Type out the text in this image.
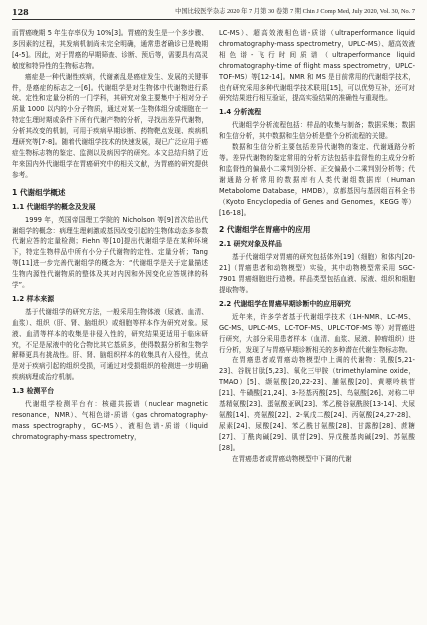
128	中国比较医学杂志 2020 年 7 月第 30 卷第 7 期 Chin J Comp Med, July 2020, Vol. 30, No. 7

而胃癌晚期 5 年生存率仅为 10%[3]。胃癌的发生是一个多步骤、多因素的过程，其发病机制尚未完全明确，通常患者确诊已是晚期[4-5]。因此，对于胃癌的早期筛查、诊断、预后等，需要具有高灵敏度和特异性的生物标志物。

癌症是一种代谢性疾病，代谢紊乱是癌症发生、发展的关键事件，是癌症的标志之一[6]。代谢组学是对生物体中代谢物进行系统、定性和定量分析的一门学科，其研究对象主要集中于相对分子质量 1000 以内的小分子物质，通过对某一生物体组分或细胞在一特定生理时期或条件下所有代谢产物的分析，寻找出差异代谢物，分析其改变的机制，可用于疾病早期诊断、药物靶点发现、疾病机理研究等[7-8]。随着代谢组学技术的快速发展，现已广泛应用于癌症生物标志物的鉴定、监测以及病因学的研究。本文总结归纳了近年来国内外代谢组学在胃癌研究中的相关文献，为胃癌的研究提供参考。

1 代谢组学概述
1.1 代谢组学的概念及发展

1999 年，英国帝国理工学院的 Nicholson 等[9]首次给出代谢组学的概念：病理生理刺激或基因改变引起的生物体动态多参数代谢应答的定量检测；Fiehn 等[10]提出代谢组学是在某种环境下，特定生物样品中所有小分子代谢物的定性、定量分析；Tang 等[11]进一步完善代谢组学的概念为：“代谢组学是关于定量描述生物内源性代谢物质的整体及其对内因和外因变化应答规律的科学”。

1.2 样本来源

基于代谢组学的研究方法，一般采用生物体液（尿液、血清、血浆）、组织（肝、肾、脑组织）或细胞等样本作为研究对象。尿液、血清等样本的收集是非侵入性的，研究结果更适用于临床研究，不足是尿液中的化合物比其它基质多，使得数据分析和生物学解释更具有挑战性。肝、肾、脑组织样本的收集具有入侵性，优点是对于疾病引起的组织受损，可通过对受损组织的检测进一步明确疾病病理或治疗机制。

1.3 检测平台

代谢组学检测平台有：核磁共振谱（nuclear magnetic resonance，NMR）、气相色谱-质谱（gas chromatography-mass spectrography，GC-MS）、液相色谱-质谱（liquid chromatography-mass spectrometry，

LC-MS）、超高效液相色谱-质谱（ultraperformance liquid chromatography-mass spectrometry，UPLC-MS）、超高效液相色谱-飞行时间质谱（ultraperformance liquid chromatography-time of flight mass spectrometry，UPLC-TOF-MS）等[12-14]。NMR 和 MS 是目前常用的代谢组学技术，也有研究采用多种代谢组学技术联用[15]，可以优势互补，还可对研究结果进行相互验证，提高实验结果的准确性与重现性。

1.4 分析流程

代谢组学分析流程包括：样品的收集与制备；数据采集；数据和生信分析，其中数据和生信分析是整个分析流程的关键。

数据和生信分析主要包括差异代谢物的鉴定、代谢通路分析等。差异代谢物的鉴定常用的分析方法包括非监督性的主成分分析和监督性的偏最小二乘判别分析、正交偏最小二乘判别分析等；代谢通路分析常用的数据库有人类代谢组数据库（Human Metabolome Database，HMDB），京都基因与基因组百科全书（Kyoto Encyclopedia of Genes and Genomes，KEGG 等）[16-18]。

2 代谢组学在胃癌中的应用
2.1 研究对象及样品

基于代谢组学对胃癌的研究包括体外[19]（细胞）和体内[20-21]（胃癌患者和动物模型）实验，其中动物模型常采用 SGC-7901 胃癌细胞进行造模。样品类型包括血液、尿液、组织和细胞提取物等。

2.2 代谢组学在胃癌早期诊断中的应用研究

近年来，许多学者基于代谢组学技术（1H-NMR、LC-MS、GC-MS、UPLC-MS、LC-TOF-MS、UPLC-TOF-MS 等）对胃癌进行研究，大部分采用患者样本（血清、血浆、尿液、肿瘤组织）进行分析，发现了与胃癌早期诊断相关的多种潜在代谢生物标志物。

在胃癌患者或胃癌动物模型中上调的代谢物：乳酸[5,21-23]、谷胱甘肽[5,23]、氧化三甲胺（trimethylamine oxide，TMAO）[5]、缬氨酸[20,22-23]、脯氨酸[20]、黄嘌呤核苷[21]、牛磺酸[21,24]、3-羟基丙酸[25]、鸟氨酸[26]、对称二甲基精氨酸[23]、蛋氨酸亚砜[23]、苯乙酰谷氨酰胺[13-14]、犬尿氨酸[14]、亮氨酸[22]、2-氧戊二酸[24]、丙氨酸[24,27-28]、尿素[24]、尿酸[24]、苯乙酰甘氨酸[28]、甘露醇[28]、蔗糖[27]、丁酰肉碱[29]、肌苷[29]、异戊酰基肉碱[29]、苏氨酸[28]。

在胃癌患者或胃癌动物模型中下调的代谢
